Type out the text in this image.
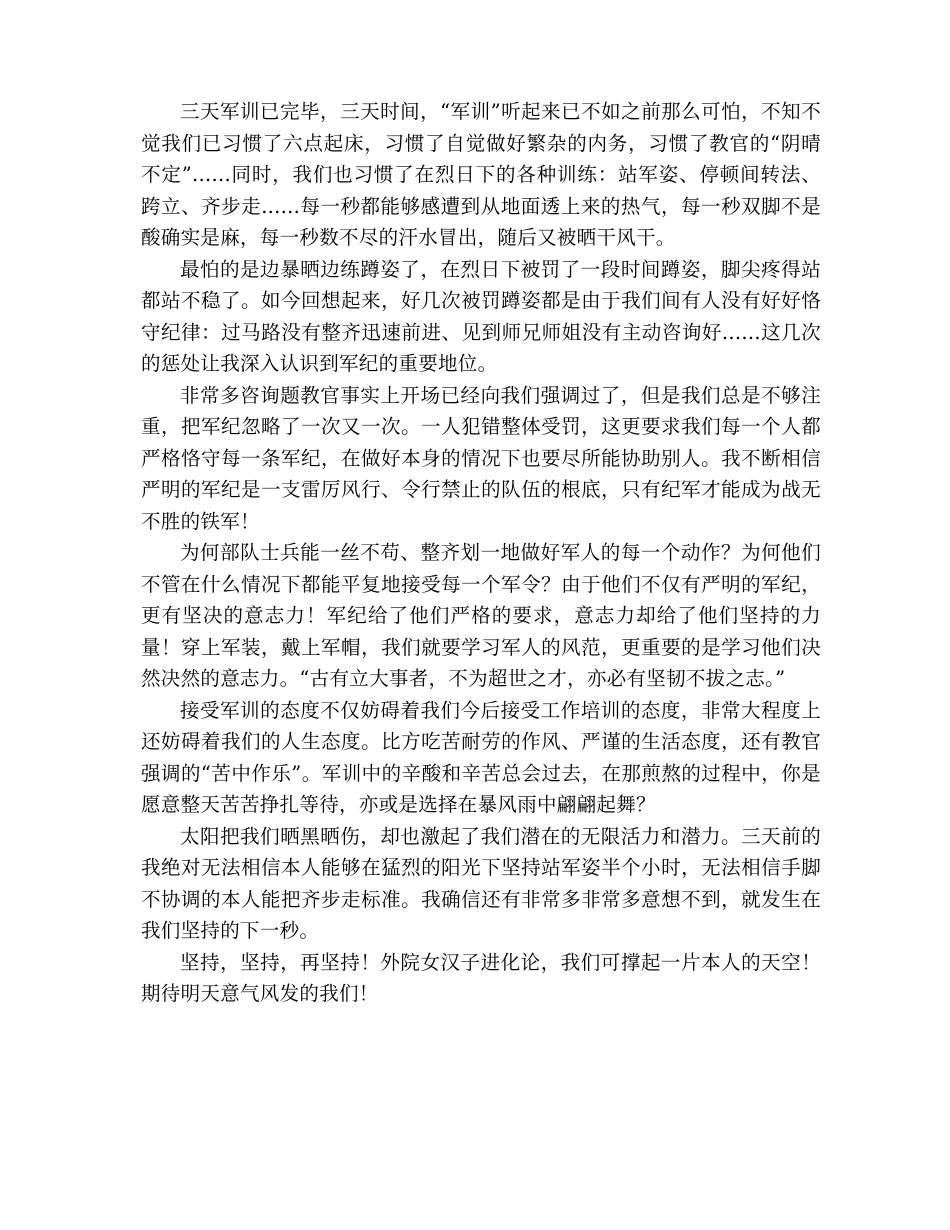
三天军训已完毕，三天时间，“军训”听起来已不如之前那么可怕，不知不觉我们已习惯了六点起床，习惯了自觉做好繁杂的内务，习惯了教官的“阴晴不定”......同时，我们也习惯了在烈日下的各种训练：站军姿、停顿间转法、跨立、齐步走......每一秒都能够感遭到从地面透上来的热气，每一秒双脚不是酸确实是麻，每一秒数不尽的汗水冒出，随后又被晒干风干。

最怕的是边暴晒边练蹲姿了，在烈日下被罚了一段时间蹲姿，脚尖疼得站都站不稳了。如今回想起来，好几次被罚蹲姿都是由于我们间有人没有好好恪守纪律：过马路没有整齐迅速前进、见到师兄师姐没有主动咨询好......这几次的惩处让我深入认识到军纪的重要地位。

非常多咨询题教官事实上开场已经向我们强调过了，但是我们总是不够注重，把军纪忽略了一次又一次。一人犯错整体受罚，这更要求我们每一个人都严格恪守每一条军纪，在做好本身的情况下也要尽所能协助别人。我不断相信严明的军纪是一支雷厉风行、令行禁止的队伍的根底，只有纪军才能成为战无不胜的铁军！

为何部队士兵能一丝不苟、整齐划一地做好军人的每一个动作？为何他们不管在什么情况下都能平复地接受每一个军令？由于他们不仅有严明的军纪，更有坚决的意志力！军纪给了他们严格的要求，意志力却给了他们坚持的力量！穿上军装，戴上军帽，我们就要学习军人的风范，更重要的是学习他们决然决然的意志力。“古有立大事者，不为超世之才，亦必有坚韧不拔之志。”

接受军训的态度不仅妨碍着我们今后接受工作培训的态度，非常大程度上还妨碍着我们的人生态度。比方吃苦耐劳的作风、严谨的生活态度，还有教官强调的“苦中作乐”。军训中的辛酸和辛苦总会过去，在那煎熬的过程中，你是愿意整天苦苦挣扎等待，亦或是选择在暴风雨中翩翩起舞？

太阳把我们晒黑晒伤，却也激起了我们潜在的无限活力和潜力。三天前的我绝对无法相信本人能够在猛烈的阳光下坚持站军姿半个小时，无法相信手脚不协调的本人能把齐步走标准。我确信还有非常多非常多意想不到，就发生在我们坚持的下一秒。

坚持，坚持，再坚持！外院女汉子进化论，我们可撑起一片本人的天空！期待明天意气风发的我们！
